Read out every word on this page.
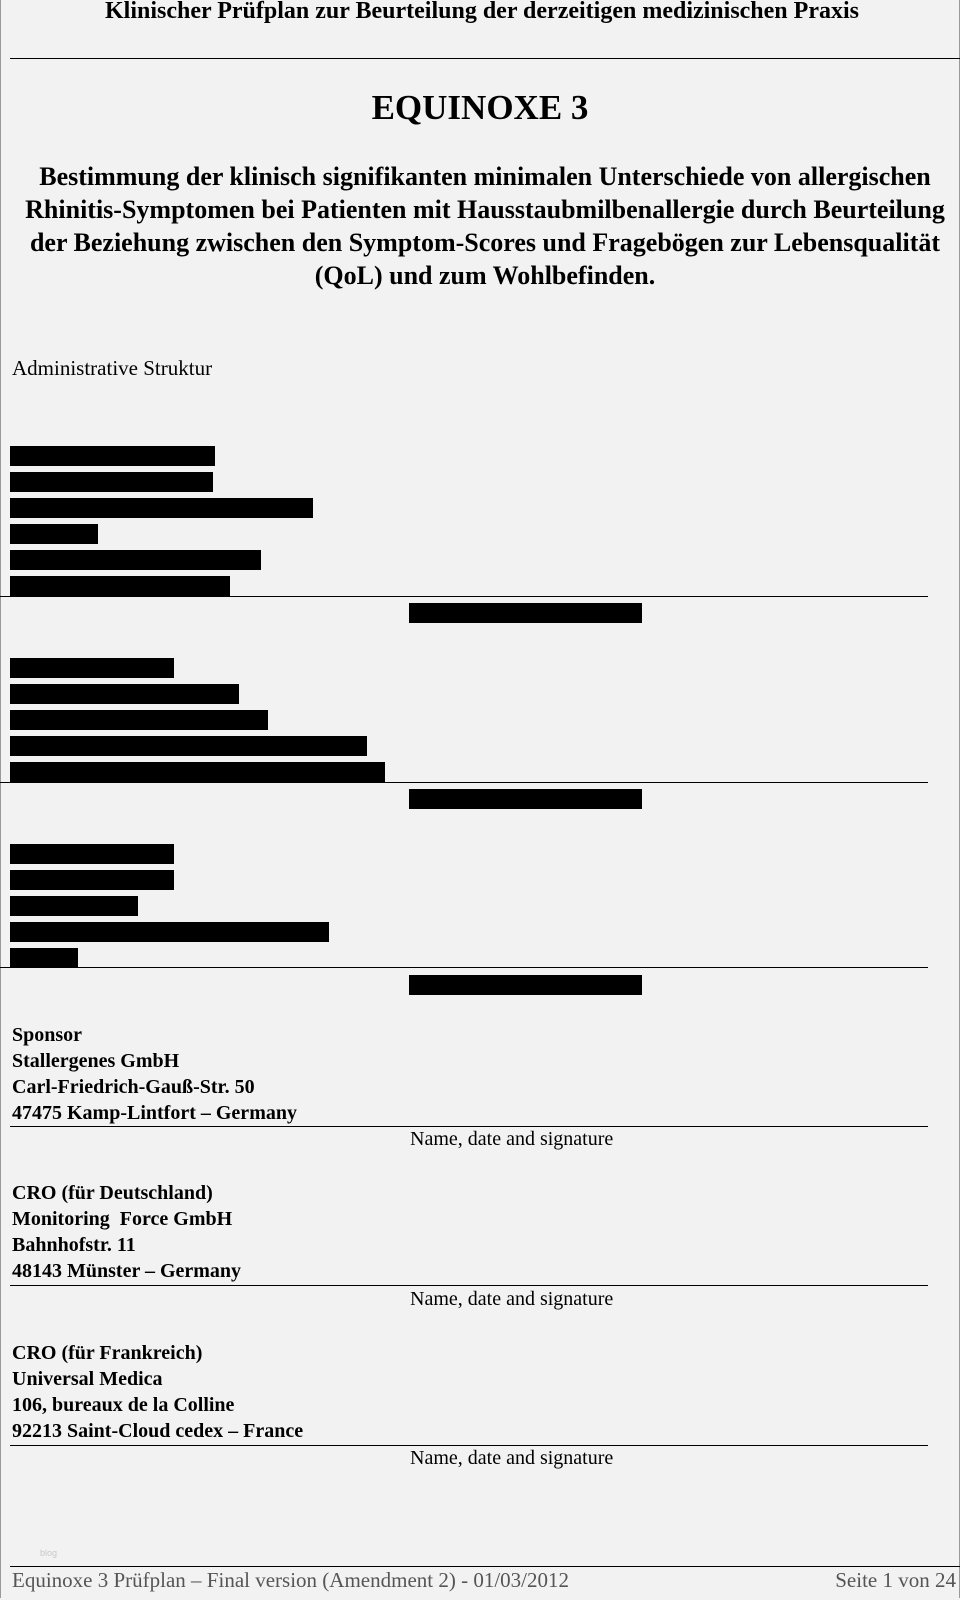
Klinischer Prüfplan zur Beurteilung der derzeitigen medizinischen Praxis
EQUINOXE 3
Bestimmung der klinisch signifikanten minimalen Unterschiede von allergischen Rhinitis-Symptomen bei Patienten mit Hausstaubmilbenallergie durch Beurteilung der Beziehung zwischen den Symptom-Scores und Fragebögen zur Lebensqualität (QoL) und zum Wohlbefinden.
Administrative Struktur
Sponsor
Stallergenes GmbH
Carl-Friedrich-Gauß-Str. 50
47475 Kamp-Lintfort – Germany
Name, date and signature
CRO (für Deutschland)
Monitoring  Force GmbH
Bahnhofstr. 11
48143 Münster – Germany
Name, date and signature
CRO (für Frankreich)
Universal Medica
106, bureaux de la Colline
92213 Saint-Cloud cedex – France
Name, date and signature
blog
Equinoxe 3 Prüfplan – Final version (Amendment 2) - 01/03/2012	Seite 1 von 24
